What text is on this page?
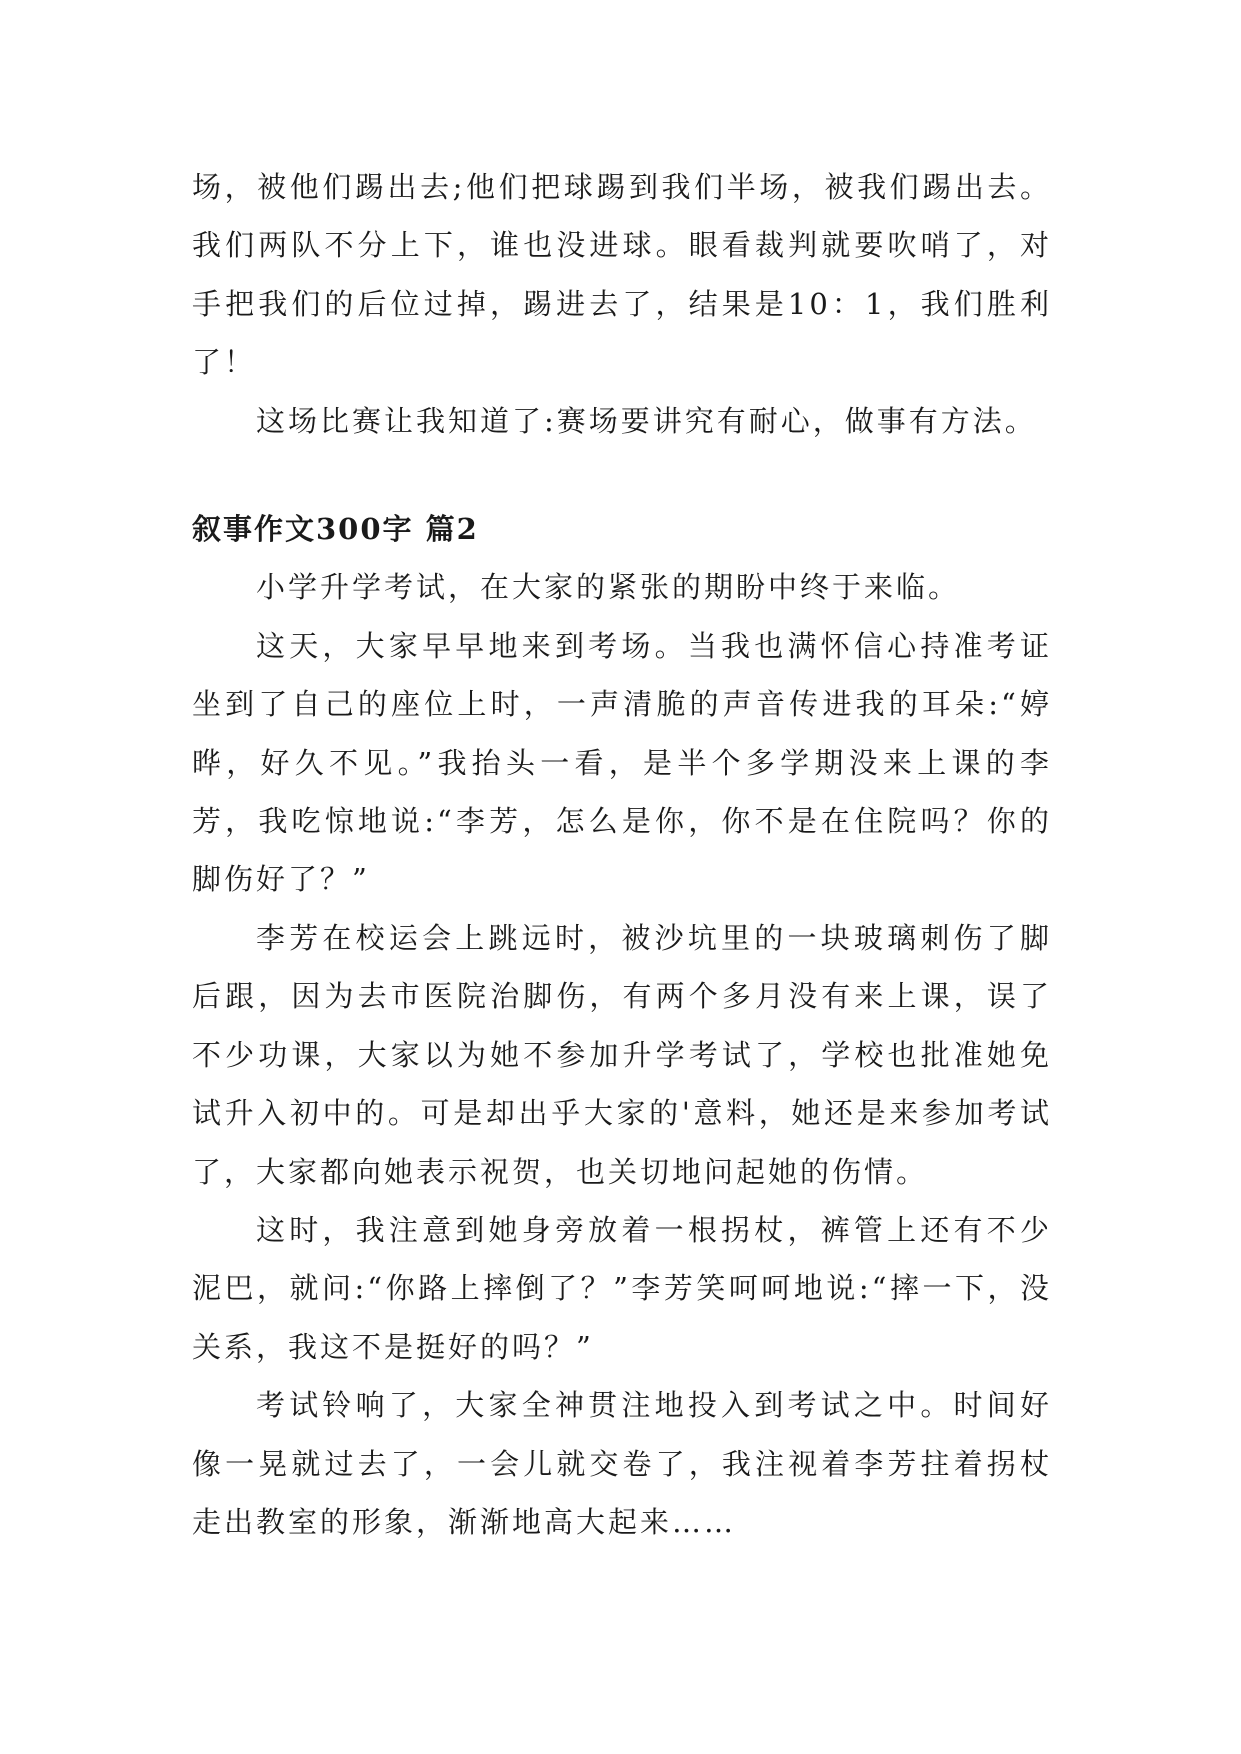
场，被他们踢出去;他们把球踢到我们半场，被我们踢出去。我们两队不分上下，谁也没进球。眼看裁判就要吹哨了，对手把我们的后位过掉，踢进去了，结果是10：1，我们胜利了！

这场比赛让我知道了:赛场要讲究有耐心，做事有方法。

叙事作文300字 篇2

小学升学考试，在大家的紧张的期盼中终于来临。

这天，大家早早地来到考场。当我也满怀信心持准考证坐到了自己的座位上时，一声清脆的声音传进我的耳朵:“婷晔，好久不见。”我抬头一看，是半个多学期没来上课的李芳，我吃惊地说:“李芳，怎么是你，你不是在住院吗？你的脚伤好了？”

李芳在校运会上跳远时，被沙坑里的一块玻璃刺伤了脚后跟，因为去市医院治脚伤，有两个多月没有来上课，误了不少功课，大家以为她不参加升学考试了，学校也批准她免试升入初中的。可是却出乎大家的'意料，她还是来参加考试了，大家都向她表示祝贺，也关切地问起她的伤情。

这时，我注意到她身旁放着一根拐杖，裤管上还有不少泥巴，就问:“你路上摔倒了？”李芳笑呵呵地说:“摔一下，没关系，我这不是挺好的吗？”

考试铃响了，大家全神贯注地投入到考试之中。时间好像一晃就过去了，一会儿就交卷了，我注视着李芳拄着拐杖走出教室的形象，渐渐地高大起来……
